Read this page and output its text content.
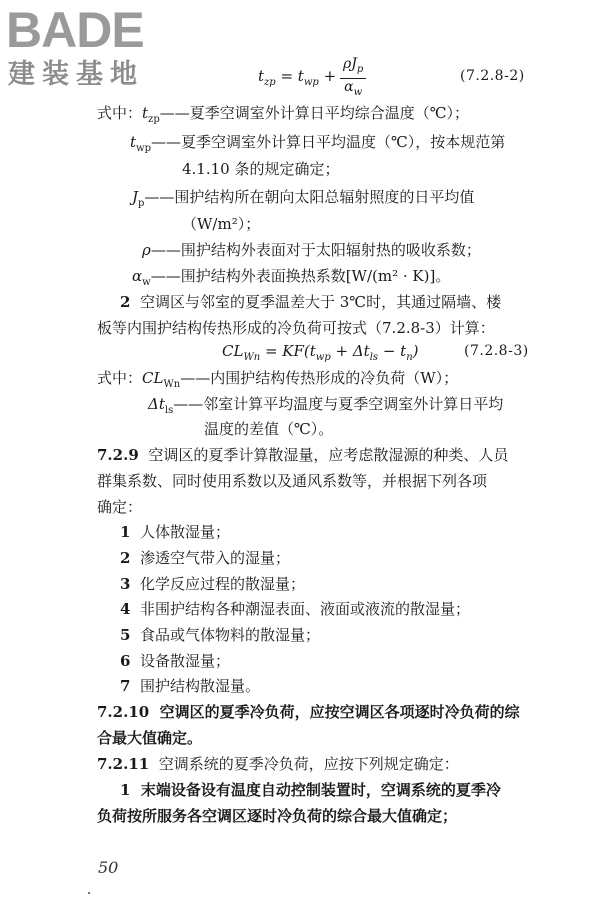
BADE
建装基地	$t_{zp} = t_{wp}$ +
$\rho J_p$
$\alpha_w$
(7.2.8-2)
式中：$t_{zp}——$夏季空调室外计算日平均综合温度（℃）；
$t_{wp}——$夏季空调室外计算日平均温度（℃），按本规范第
4.1.10 条的规定确定；
$J_p——$围护结构所在朝向太阳总辐射照度的日平均值
（W/m²）；
ρ——围护结构外表面对于太阳辐射热的吸收系数；
$\alpha_w——$围护结构外表面换热系数[W/(m² · K)]。
2 空调区与邻室的夏季温差大于 3℃时，其通过隔墙、楼
板等内围护结构传热形成的冷负荷可按式（7.2.8-3）计算：
$CL_{Wn} = KF(t_{wp} + \Delta t_{ls} - t_n)$	(7.2.8-3)
式中：$CL_{Wn}——$内围护结构传热形成的冷负荷（W）；
$\Delta t_{ls}——$邻室计算平均温度与夏季空调室外计算日平均
温度的差值（℃）。
7.2.9 空调区的夏季计算散湿量，应考虑散湿源的种类、人员
群集系数、同时使用系数以及通风系数等，并根据下列各项
确定：
1 人体散湿量；
2 渗透空气带入的湿量；
3 化学反应过程的散湿量；
4 非围护结构各种潮湿表面、液面或液流的散湿量；
5 食品或气体物料的散湿量；
6 设备散湿量；
7 围护结构散湿量。
7.2.10 空调区的夏季冷负荷，应按空调区各项逐时冷负荷的综
合最大值确定。
7.2.11 空调系统的夏季冷负荷，应按下列规定确定：
1 末端设备设有温度自动控制装置时，空调系统的夏季冷
负荷按所服务各空调区逐时冷负荷的综合最大值确定；
50
